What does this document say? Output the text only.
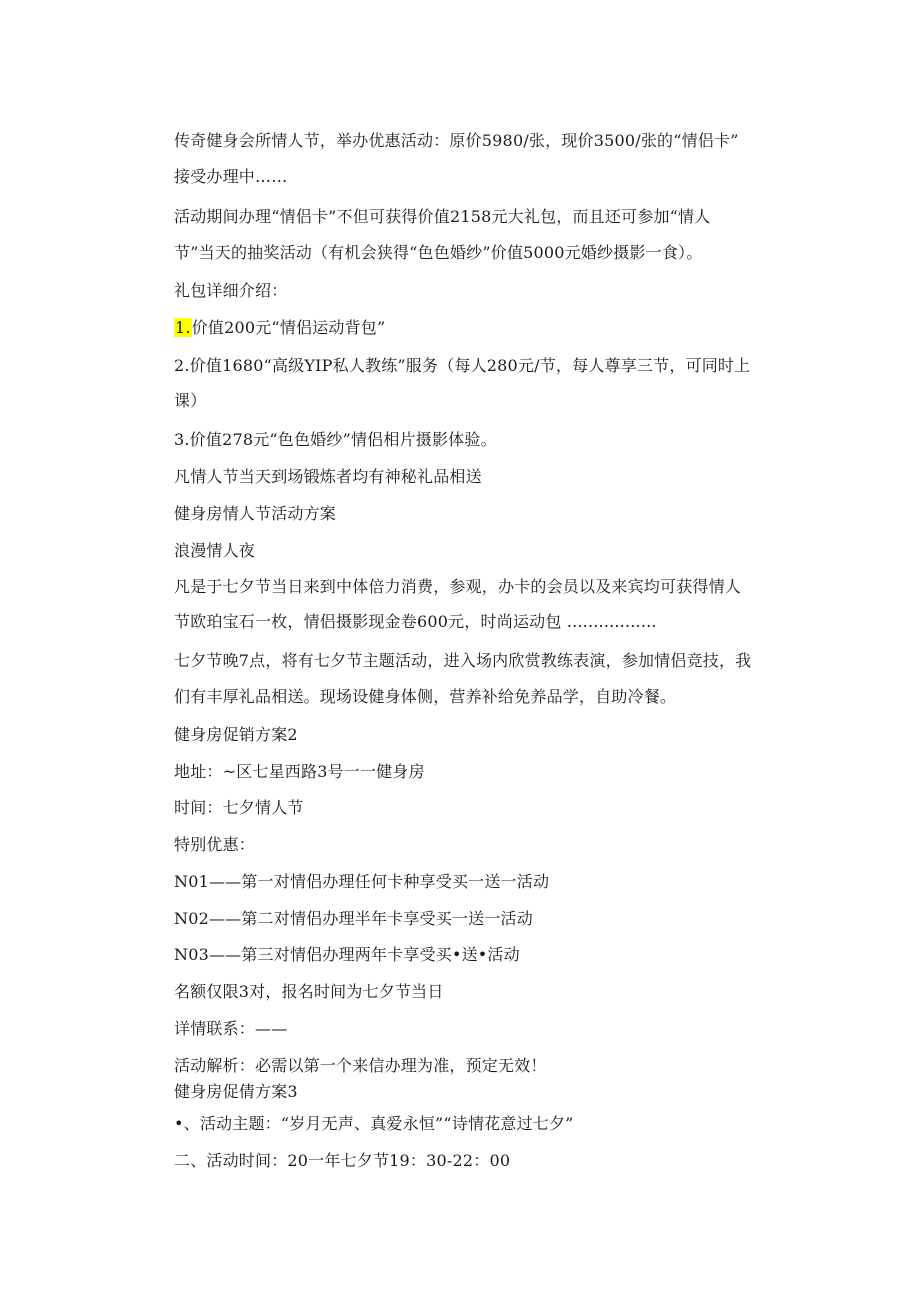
传奇健身会所情人节，举办优惠活动：原价5980/张，现价3500/张的“情侣卡”
接受办理中……
活动期间办理“情侣卡”不但可获得价值2158元大礼包，而且还可参加“情人
节”当天的抽奖活动（有机会狭得“色色婚纱”价值5000元婚纱摄影一食）。
礼包详细介绍：
1.价值200元“情侣运动背包”
2.价值1680“高级YIP私人教练”服务（每人280元/节，每人尊享三节，可同时上
课）
3.价值278元“色色婚纱”情侣相片摄影体验。
凡情人节当天到场锻炼者均有神秘礼品相送
健身房情人节活动方案
浪漫情人夜
凡是于七夕节当日来到中体倍力消费，参观，办卡的会员以及来宾均可获得情人
节欧珀宝石一枚，情侣摄影现金卷600元，时尚运动包 .................
七夕节晚7点，将有七夕节主题活动，进入场内欣赏教练表演，参加情侣竞技，我
们有丰厚礼品相送。现场设健身体侧，营养补给免养品学，自助冷餐。
健身房促销方案2
地址：~区七星西路3号一一健身房
时间：七夕情人节
特别优惠：
N01——第一对情侣办理任何卡种享受买一送一活动
N02——第二对情侣办理半年卡享受买一送一活动
N03——第三对情侣办理两年卡享受买•送•活动
名额仅限3对，报名时间为七夕节当日
详情联系：——
活动解析：必需以第一个来信办理为准，预定无效！
健身房促倩方案3
•、活动主题：“岁月无声、真爱永恒”“诗情花意过七夕”
二、活动时间：20一年七夕节19：30-22：00
